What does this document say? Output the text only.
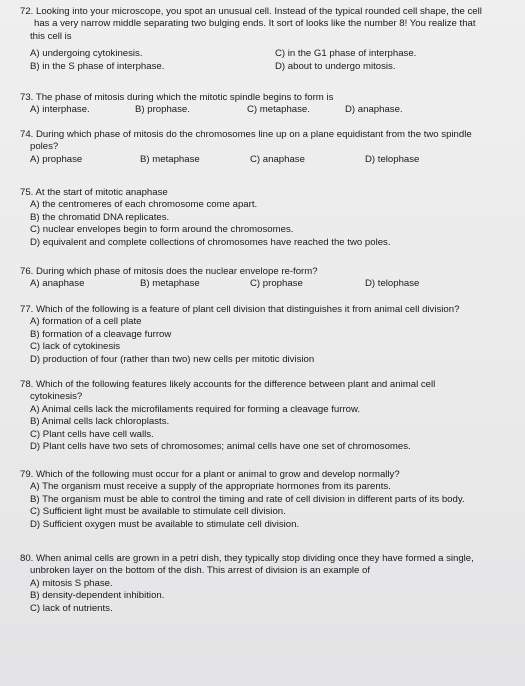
72. Looking into your microscope, you spot an unusual cell. Instead of the typical rounded cell shape, the cell
has a very narrow middle separating two bulging ends. It sort of looks like the number 8! You realize that
this cell is
A) undergoing cytokinesis.	C) in the G1 phase of interphase.
B) in the S phase of interphase.	D) about to undergo mitosis.
73. The phase of mitosis during which the mitotic spindle begins to form is
A) interphase.	B) prophase.	C) metaphase.	D) anaphase.
74. During which phase of mitosis do the chromosomes line up on a plane equidistant from the two spindle
poles?
A) prophase	B) metaphase	C) anaphase	D) telophase
75. At the start of mitotic anaphase
A) the centromeres of each chromosome come apart.
B) the chromatid DNA replicates.
C) nuclear envelopes begin to form around the chromosomes.
D) equivalent and complete collections of chromosomes have reached the two poles.
76. During which phase of mitosis does the nuclear envelope re-form?
A) anaphase	B) metaphase	C) prophase	D) telophase
77. Which of the following is a feature of plant cell division that distinguishes it from animal cell division?
A) formation of a cell plate
B) formation of a cleavage furrow
C) lack of cytokinesis
D) production of four (rather than two) new cells per mitotic division
78. Which of the following features likely accounts for the difference between plant and animal cell
cytokinesis?
A) Animal cells lack the microfilaments required for forming a cleavage furrow.
B) Animal cells lack chloroplasts.
C) Plant cells have cell walls.
D) Plant cells have two sets of chromosomes; animal cells have one set of chromosomes.
79. Which of the following must occur for a plant or animal to grow and develop normally?
A) The organism must receive a supply of the appropriate hormones from its parents.
B) The organism must be able to control the timing and rate of cell division in different parts of its body.
C) Sufficient light must be available to stimulate cell division.
D) Sufficient oxygen must be available to stimulate cell division.
80. When animal cells are grown in a petri dish, they typically stop dividing once they have formed a single,
unbroken layer on the bottom of the dish. This arrest of division is an example of
A) mitosis S phase.
B) density-dependent inhibition.
C) lack of nutrients.
